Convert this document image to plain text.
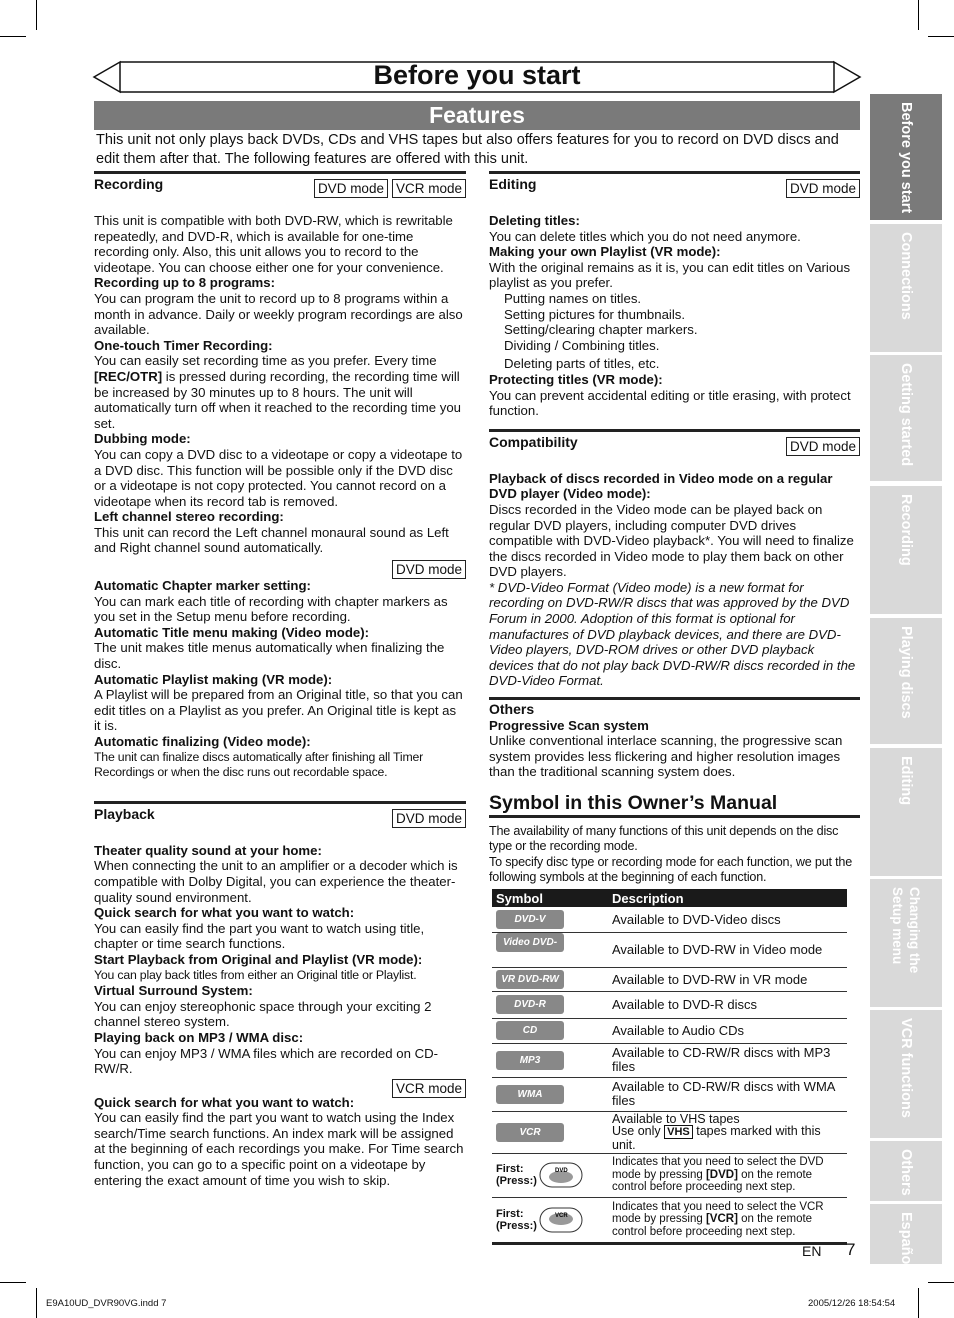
Before you start
Features
This unit not only plays back DVDs, CDs and VHS tapes but also offers features for you to record on DVD discs and edit them after that. The following features are offered with this unit.
Recording	DVD mode VCR mode

This unit is compatible with both DVD-RW, which is rewritable repeatedly, and DVD-R, which is available for one-time recording only. Also, this unit allows you to record to the videotape. You can choose either one for your convenience.

Recording up to 8 programs:

You can program the unit to record up to 8 programs within a month in advance. Daily or weekly program recordings are also available.

One-touch Timer Recording:

You can easily set recording time as you prefer. Every time [REC/OTR] is pressed during recording, the recording time will be increased by 30 minutes up to 8 hours. The unit will automatically turn off when it reached to the recording time you set.

Dubbing mode:

You can copy a DVD disc to a videotape or copy a videotape to a DVD disc. This function will be possible only if the DVD disc or a videotape is not copy protected. You cannot record on a videotape when its record tab is removed.

Left channel stereo recording:

This unit can record the Left channel monaural sound as Left and Right channel sound automatically.

DVD mode

Automatic Chapter marker setting:

You can mark each title of recording with chapter markers as you set in the Setup menu before recording.

Automatic Title menu making (Video mode):

The unit makes title menus automatically when finalizing the disc.

Automatic Playlist making (VR mode):

A Playlist will be prepared from an Original title, so that you can edit titles on a Playlist as you prefer. An Original title is kept as it is.

Automatic finalizing (Video mode):

The unit can finalize discs automatically after finishing all Timer Recordings or when the disc runs out recordable space.

Playback	DVD mode

Theater quality sound at your home:

When connecting the unit to an amplifier or a decoder which is compatible with Dolby Digital, you can experience the theater-quality sound environment.

Quick search for what you want to watch:

You can easily find the part you want to watch using title, chapter or time search functions.

Start Playback from Original and Playlist (VR mode):

You can play back titles from either an Original title or Playlist.

Virtual Surround System:

You can enjoy stereophonic space through your exciting 2 channel stereo system.

Playing back on MP3 / WMA disc:

You can enjoy MP3 / WMA files which are recorded on CD-RW/R.

VCR mode

Quick search for what you want to watch:

You can easily find the part you want to watch using the Index search/Time search functions. An index mark will be assigned at the beginning of each recordings you make. For Time search function, you can go to a specific point on a videotape by entering the exact amount of time you wish to skip.

Editing	DVD mode

Deleting titles:

You can delete titles which you do not need anymore.

Making your own Playlist (VR mode):

With the original remains as it is, you can edit titles on Various playlist as you prefer.

Putting names on titles.

Setting pictures for thumbnails.

Setting/clearing chapter markers.

Dividing / Combining titles.

Deleting parts of titles, etc.

Protecting titles (VR mode):

You can prevent accidental editing or title erasing, with protect function.

Compatibility	DVD mode

Playback of discs recorded in Video mode on a regular DVD player (Video mode):

Discs recorded in the Video mode can be played back on regular DVD players, including computer DVD drives compatible with DVD-Video playback*. You will need to finalize the discs recorded in Video mode to play them back on other DVD players.

* DVD-Video Format (Video mode) is a new format for recording on DVD-RW/R discs that was approved by the DVD Forum in 2000. Adoption of this format is optional for manufactures of DVD playback devices, and there are DVD-Video players, DVD-ROM drives or other DVD playback devices that do not play back DVD-RW/R discs recorded in the DVD-Video Format.

Others

Progressive Scan system

Unlike conventional interlace scanning, the progressive scan system provides less flickering and higher resolution images than the traditional scanning system does.

Symbol in this Owner’s Manual

The availability of many functions of this unit depends on the disc type or the recording mode.

To specify disc type or recording mode for each function, we put the following symbols at the beginning of each function.

Symbol	Description
DVD-V	Available to DVD-Video discs
Video DVD-RW	Available to DVD-RW in Video mode
VR DVD-RW	Available to DVD-RW in VR mode
DVD-R	Available to DVD-R discs
CD	Available to Audio CDs
MP3	Available to CD-RW/R discs with MP3 files
WMA	Available to CD-RW/R discs with WMA files
VCR	Available to VHS tapes
Use only VHS tapes marked with this unit.

First:
(Press:)
DVD	Indicates that you need to select the DVD mode by pressing [DVD] on the remote control before proceeding next step.

First:
(Press:)
VCR	Indicates that you need to select the VCR mode by pressing [VCR] on the remote control before proceeding next step.
Before you start
Connections
Getting started
Recording
Playing discs
Editing
Changing the Setup menu
VCR functions
Others
Español
EN 7
E9A10UD_DVR90VG.indd 7	2005/12/26 18:54:54
